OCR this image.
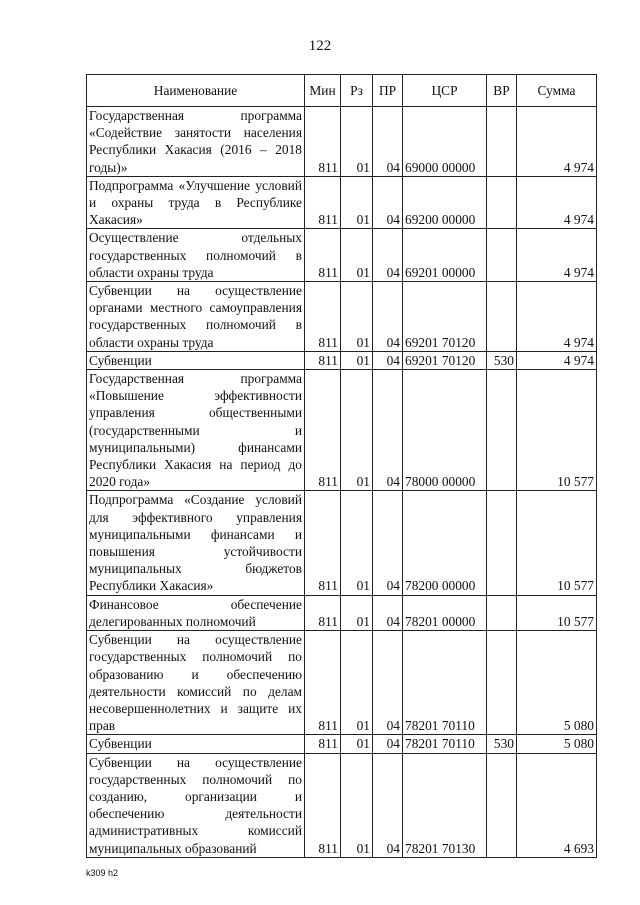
122
Наименование	Мин	Рз	ПР	ЦСР	ВР	Сумма
Государственная программа «Содействие занятости населения Республики Хакасия (2016 – 2018 годы)»	811	01	04	69000 00000		4 974
Подпрограмма «Улучшение условий и охраны труда в Республике Хакасия»	811	01	04	69200 00000		4 974
Осуществление отдельных государственных полномочий в области охраны труда	811	01	04	69201 00000		4 974
Субвенции на осуществление органами местного самоуправления государственных полномочий в области охраны труда	811	01	04	69201 70120		4 974
Субвенции	811	01	04	69201 70120	530	4 974
Государственная программа «Повышение эффективности управления общественными (государственными и муниципальными) финансами Республики Хакасия на период до 2020 года»	811	01	04	78000 00000		10 577
Подпрограмма «Создание условий для эффективного управления муниципальными финансами и повышения устойчивости муниципальных бюджетов Республики Хакасия»	811	01	04	78200 00000		10 577
Финансовое обеспечение делегированных полномочий	811	01	04	78201 00000		10 577
Субвенции на осуществление государственных полномочий по образованию и обеспечению деятельности комиссий по делам несовершеннолетних и защите их прав	811	01	04	78201 70110		5 080
Субвенции	811	01	04	78201 70110	530	5 080
Субвенции на осуществление государственных полномочий по созданию, организации и обеспечению деятельности административных комиссий муниципальных образований	811	01	04	78201 70130		4 693
k309 h2
